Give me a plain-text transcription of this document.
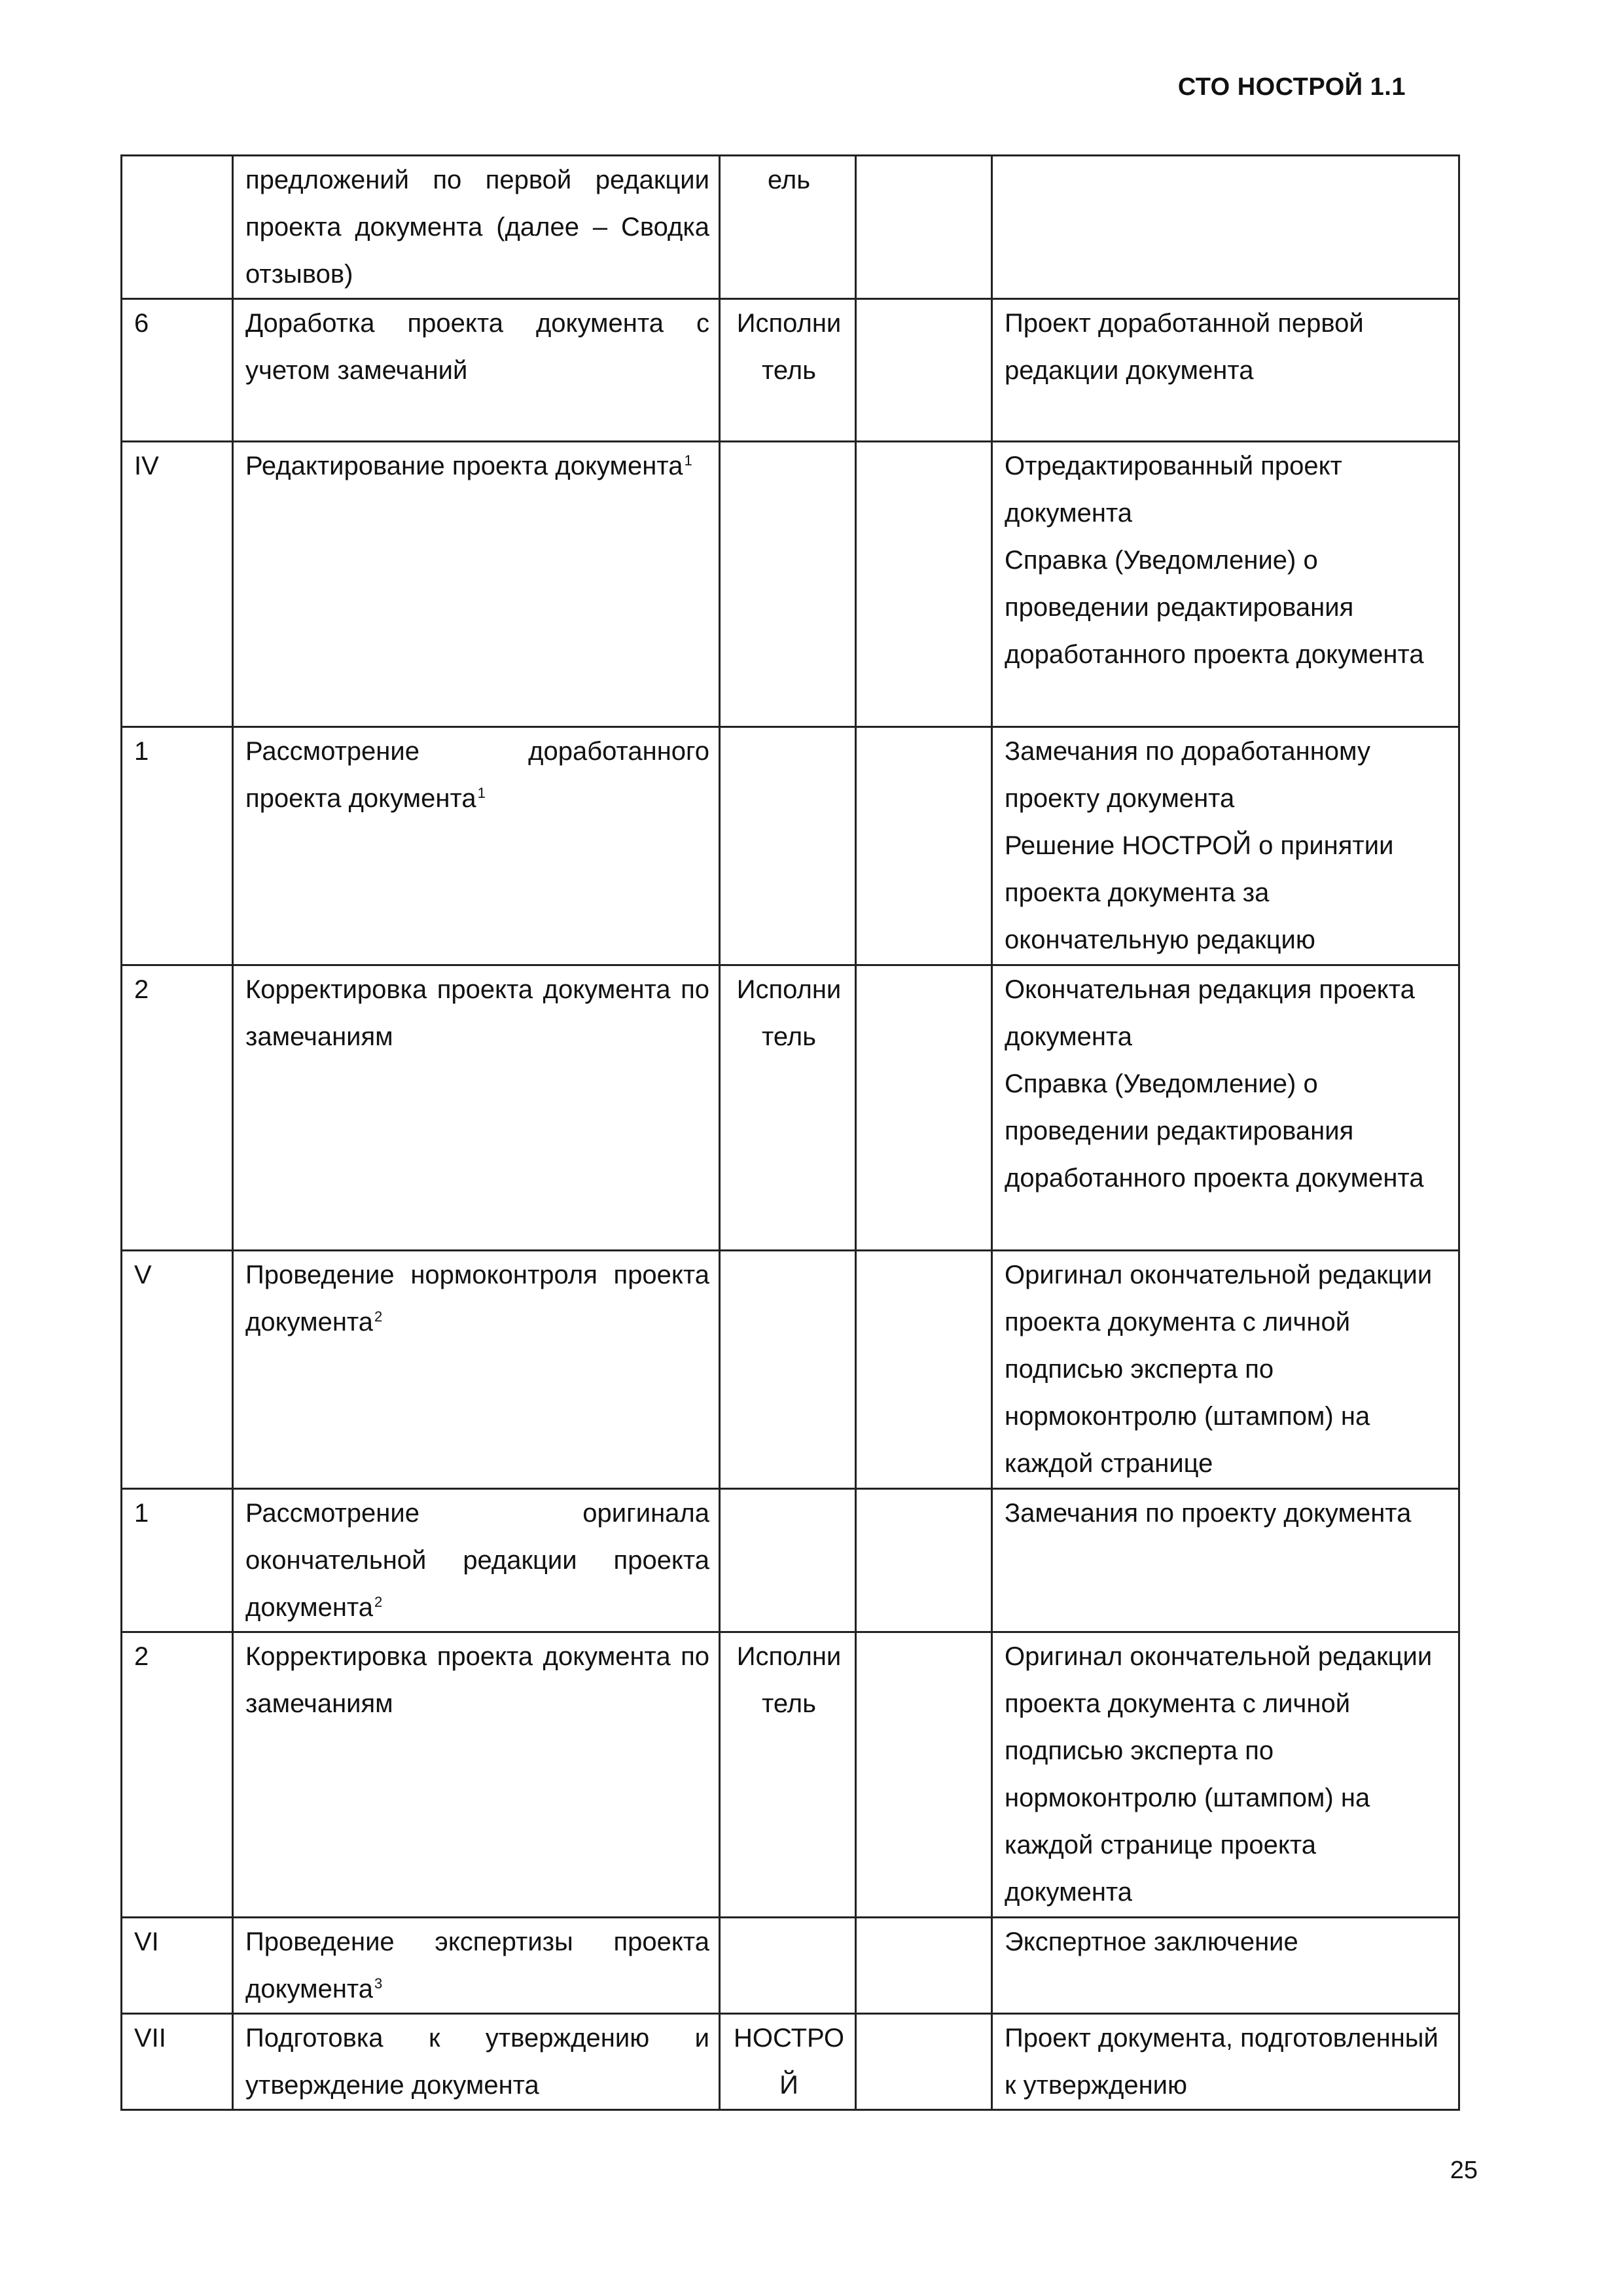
СТО НОСТРОЙ 1.1
	предложений по первой редакции проекта документа (далее – Сводка отзывов)	ель		

6	Доработка проекта документа с учетом замечаний	Исполнитель		Проект доработанной первой редакции документа

IV	Редактирование проекта документа$^1$			Отредактированный проект документа
Справка (Уведомление) о проведении редактирования доработанного проекта документа

1	Рассмотрение доработанного проекта документа$^1$			Замечания по доработанному проекту документа
Решение НОСТРОЙ о принятии проекта документа за окончательную редакцию

2	Корректировка проекта документа по замечаниям	Исполнитель		Окончательная редакция проекта документа
Справка (Уведомление) о проведении редактирования доработанного проекта документа

V	Проведение нормоконтроля проекта документа$^2$			Оригинал окончательной редакции проекта документа с личной подписью эксперта по нормоконтролю (штампом) на каждой странице

1	Рассмотрение оригинала окончательной редакции проекта документа$^2$			Замечания по проекту документа

2	Корректировка проекта документа по замечаниям	Исполнитель		Оригинал окончательной редакции проекта документа с личной подписью эксперта по нормоконтролю (штампом) на каждой странице проекта документа

VI	Проведение экспертизы проекта документа$^3$			Экспертное заключение

VII	Подготовка к утверждению и утверждение документа	НОСТРОЙ		Проект документа, подготовленный к утверждению
25
